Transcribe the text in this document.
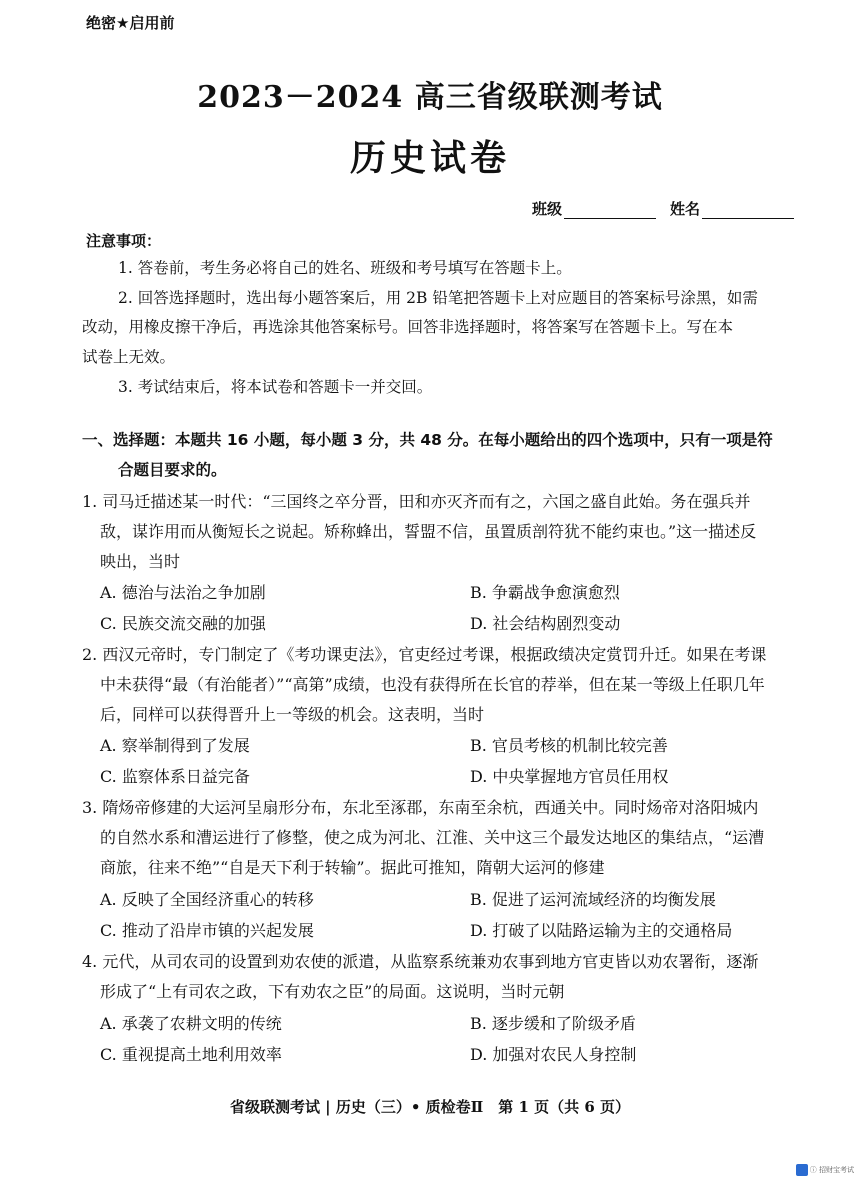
绝密★启用前
2023－2024 高三省级联测考试
历史试卷
班级	姓名
注意事项：
1. 答卷前，考生务必将自己的姓名、班级和考号填写在答题卡上。
2. 回答选择题时，选出每小题答案后，用 2B 铅笔把答题卡上对应题目的答案标号涂黑，如需
改动，用橡皮擦干净后，再选涂其他答案标号。回答非选择题时，将答案写在答题卡上。写在本
试卷上无效。
3. 考试结束后，将本试卷和答题卡一并交回。
一、选择题：本题共 16 小题，每小题 3 分，共 48 分。在每小题给出的四个选项中，只有一项是符
合题目要求的。
1. 司马迁描述某一时代：“三国终之卒分晋，田和亦灭齐而有之，六国之盛自此始。务在强兵并
敌，谋诈用而从衡短长之说起。矫称蜂出，誓盟不信，虽置质剖符犹不能约束也。”这一描述反
映出，当时
A. 德治与法治之争加剧	B. 争霸战争愈演愈烈
C. 民族交流交融的加强	D. 社会结构剧烈变动
2. 西汉元帝时，专门制定了《考功课吏法》，官吏经过考课，根据政绩决定赏罚升迁。如果在考课
中未获得“最（有治能者）”“高第”成绩，也没有获得所在长官的荐举，但在某一等级上任职几年
后，同样可以获得晋升上一等级的机会。这表明，当时
A. 察举制得到了发展	B. 官员考核的机制比较完善
C. 监察体系日益完备	D. 中央掌握地方官员任用权
3. 隋炀帝修建的大运河呈扇形分布，东北至涿郡，东南至余杭，西通关中。同时炀帝对洛阳城内
的自然水系和漕运进行了修整，使之成为河北、江淮、关中这三个最发达地区的集结点，“运漕
商旅，往来不绝”“自是天下利于转输”。据此可推知，隋朝大运河的修建
A. 反映了全国经济重心的转移	B. 促进了运河流域经济的均衡发展
C. 推动了沿岸市镇的兴起发展	D. 打破了以陆路运输为主的交通格局
4. 元代，从司农司的设置到劝农使的派遣，从监察系统兼劝农事到地方官吏皆以劝农署衔，逐渐
形成了“上有司农之政，下有劝农之臣”的局面。这说明，当时元朝
A. 承袭了农耕文明的传统	B. 逐步缓和了阶级矛盾
C. 重视提高土地利用效率	D. 加强对农民人身控制
省级联测考试 | 历史（三）• 质检卷Ⅱ　第 1 页（共 6 页）
ⓘ 招财宝考试
